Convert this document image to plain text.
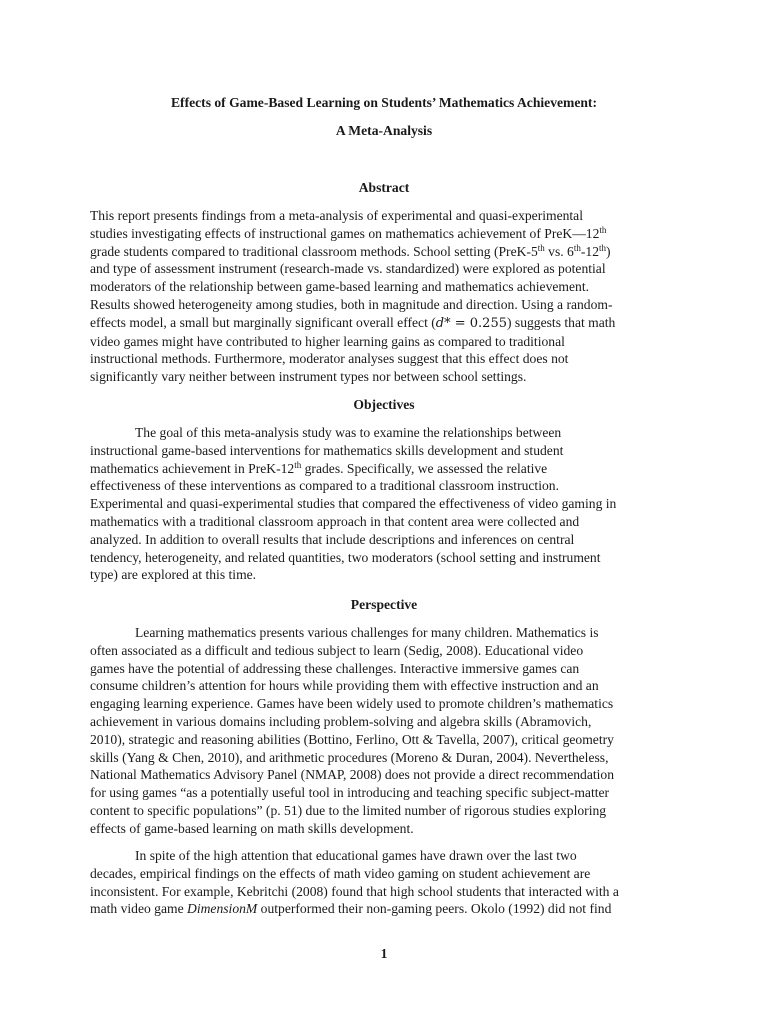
Effects of Game-Based Learning on Students’ Mathematics Achievement:
A Meta-Analysis
Abstract
This report presents findings from a meta-analysis of experimental and quasi-experimental
studies investigating effects of instructional games on mathematics achievement of PreK—12th
grade students compared to traditional classroom methods. School setting (PreK-5th vs. 6th-12th)
and type of assessment instrument (research-made vs. standardized) were explored as potential
moderators of the relationship between game-based learning and mathematics achievement.
Results showed heterogeneity among studies, both in magnitude and direction. Using a random-
effects model, a small but marginally significant overall effect (d* = 0.255) suggests that math
video games might have contributed to higher learning gains as compared to traditional
instructional methods. Furthermore, moderator analyses suggest that this effect does not
significantly vary neither between instrument types nor between school settings.
Objectives
The goal of this meta-analysis study was to examine the relationships between
instructional game-based interventions for mathematics skills development and student
mathematics achievement in PreK-12th grades. Specifically, we assessed the relative
effectiveness of these interventions as compared to a traditional classroom instruction.
Experimental and quasi-experimental studies that compared the effectiveness of video gaming in
mathematics with a traditional classroom approach in that content area were collected and
analyzed. In addition to overall results that include descriptions and inferences on central
tendency, heterogeneity, and related quantities, two moderators (school setting and instrument
type) are explored at this time.
Perspective
Learning mathematics presents various challenges for many children. Mathematics is
often associated as a difficult and tedious subject to learn (Sedig, 2008). Educational video
games have the potential of addressing these challenges. Interactive immersive games can
consume children’s attention for hours while providing them with effective instruction and an
engaging learning experience. Games have been widely used to promote children’s mathematics
achievement in various domains including problem-solving and algebra skills (Abramovich,
2010), strategic and reasoning abilities (Bottino, Ferlino, Ott & Tavella, 2007), critical geometry
skills (Yang & Chen, 2010), and arithmetic procedures (Moreno & Duran, 2004). Nevertheless,
National Mathematics Advisory Panel (NMAP, 2008) does not provide a direct recommendation
for using games “as a potentially useful tool in introducing and teaching specific subject-matter
content to specific populations” (p. 51) due to the limited number of rigorous studies exploring
effects of game-based learning on math skills development.
In spite of the high attention that educational games have drawn over the last two
decades, empirical findings on the effects of math video gaming on student achievement are
inconsistent. For example, Kebritchi (2008) found that high school students that interacted with a
math video game DimensionM outperformed their non-gaming peers. Okolo (1992) did not find
1
